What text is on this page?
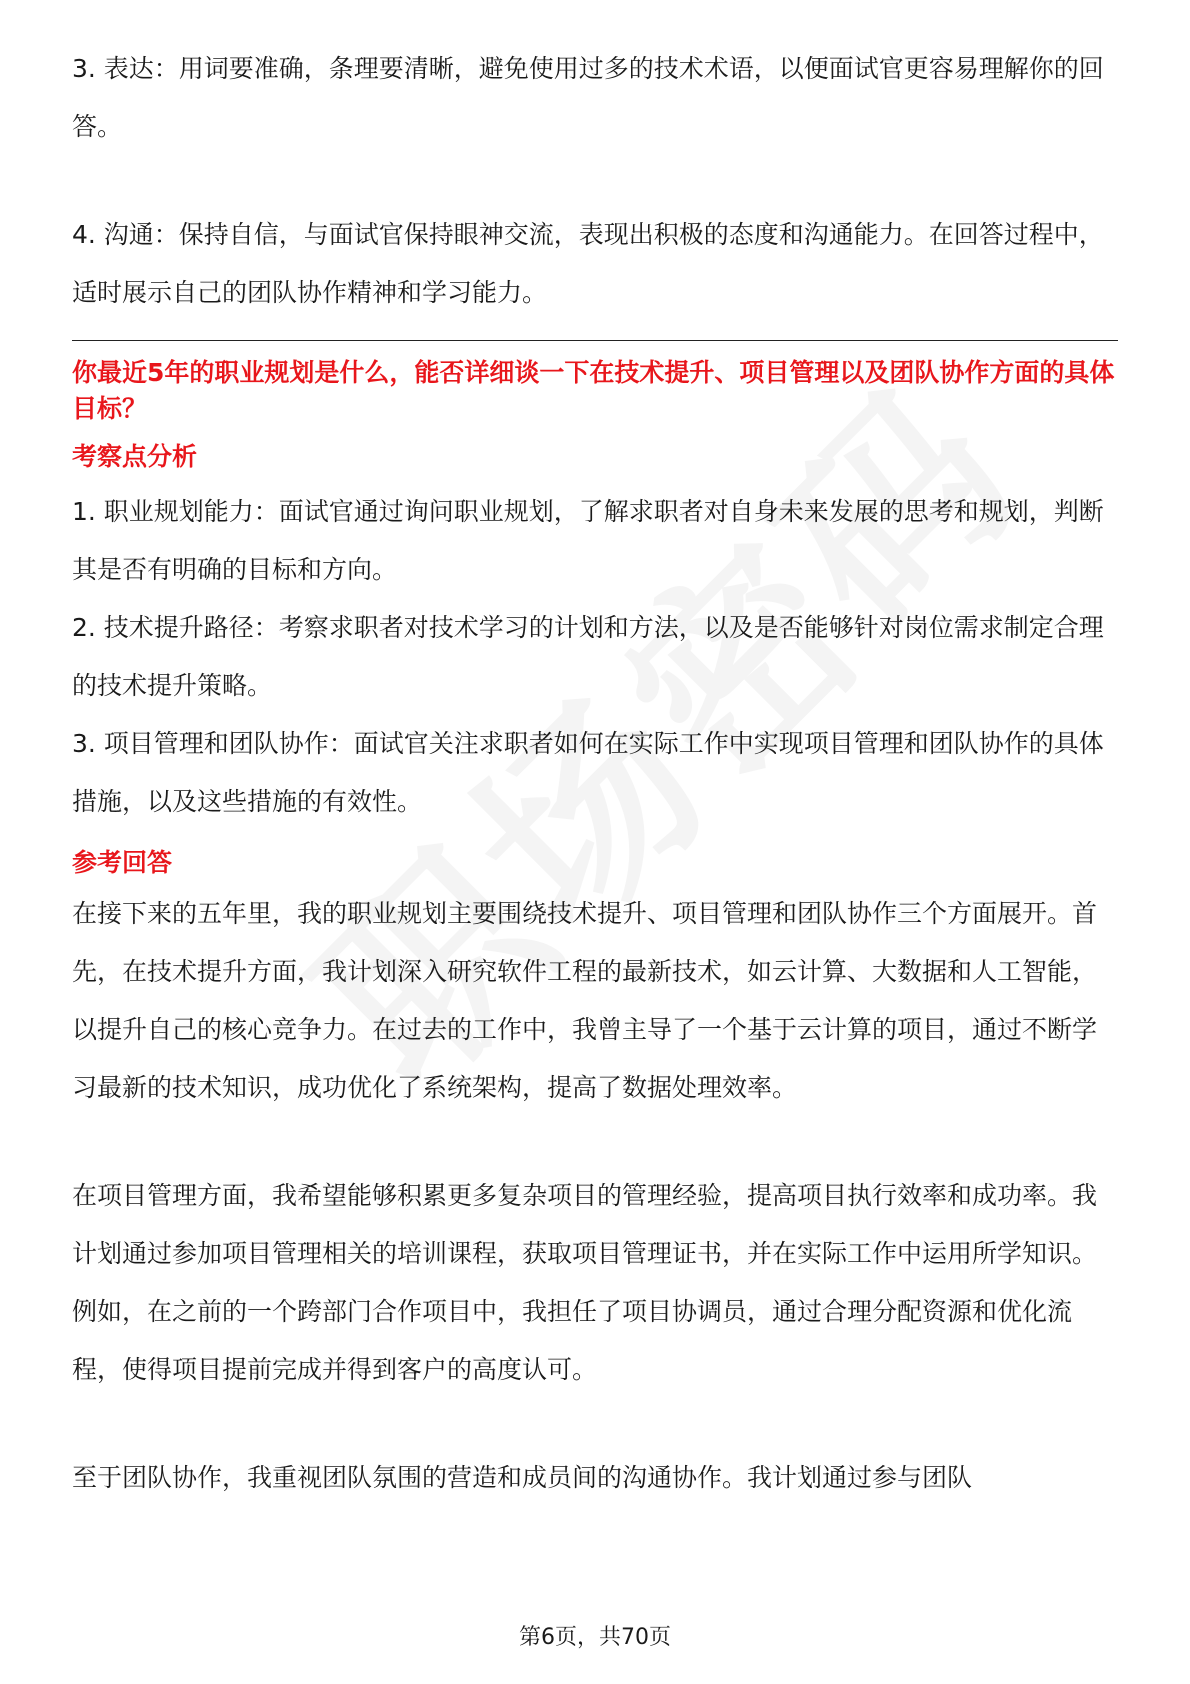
3. 表达：用词要准确，条理要清晰，避免使用过多的技术术语，以便面试官更容易理解你的回答。

4. 沟通：保持自信，与面试官保持眼神交流，表现出积极的态度和沟通能力。在回答过程中，适时展示自己的团队协作精神和学习能力。

你最近5年的职业规划是什么，能否详细谈一下在技术提升、项目管理以及团队协作方面的具体目标？
考察点分析

1. 职业规划能力：面试官通过询问职业规划，了解求职者对自身未来发展的思考和规划，判断其是否有明确的目标和方向。

2. 技术提升路径：考察求职者对技术学习的计划和方法，以及是否能够针对岗位需求制定合理的技术提升策略。

3. 项目管理和团队协作：面试官关注求职者如何在实际工作中实现项目管理和团队协作的具体措施，以及这些措施的有效性。

参考回答

在接下来的五年里，我的职业规划主要围绕技术提升、项目管理和团队协作三个方面展开。首先，在技术提升方面，我计划深入研究软件工程的最新技术，如云计算、大数据和人工智能，以提升自己的核心竞争力。在过去的工作中，我曾主导了一个基于云计算的项目，通过不断学习最新的技术知识，成功优化了系统架构，提高了数据处理效率。

在项目管理方面，我希望能够积累更多复杂项目的管理经验，提高项目执行效率和成功率。我计划通过参加项目管理相关的培训课程，获取项目管理证书，并在实际工作中运用所学知识。例如，在之前的一个跨部门合作项目中，我担任了项目协调员，通过合理分配资源和优化流程，使得项目提前完成并得到客户的高度认可。

至于团队协作，我重视团队氛围的营造和成员间的沟通协作。我计划通过参与团队

第6页，共70页
